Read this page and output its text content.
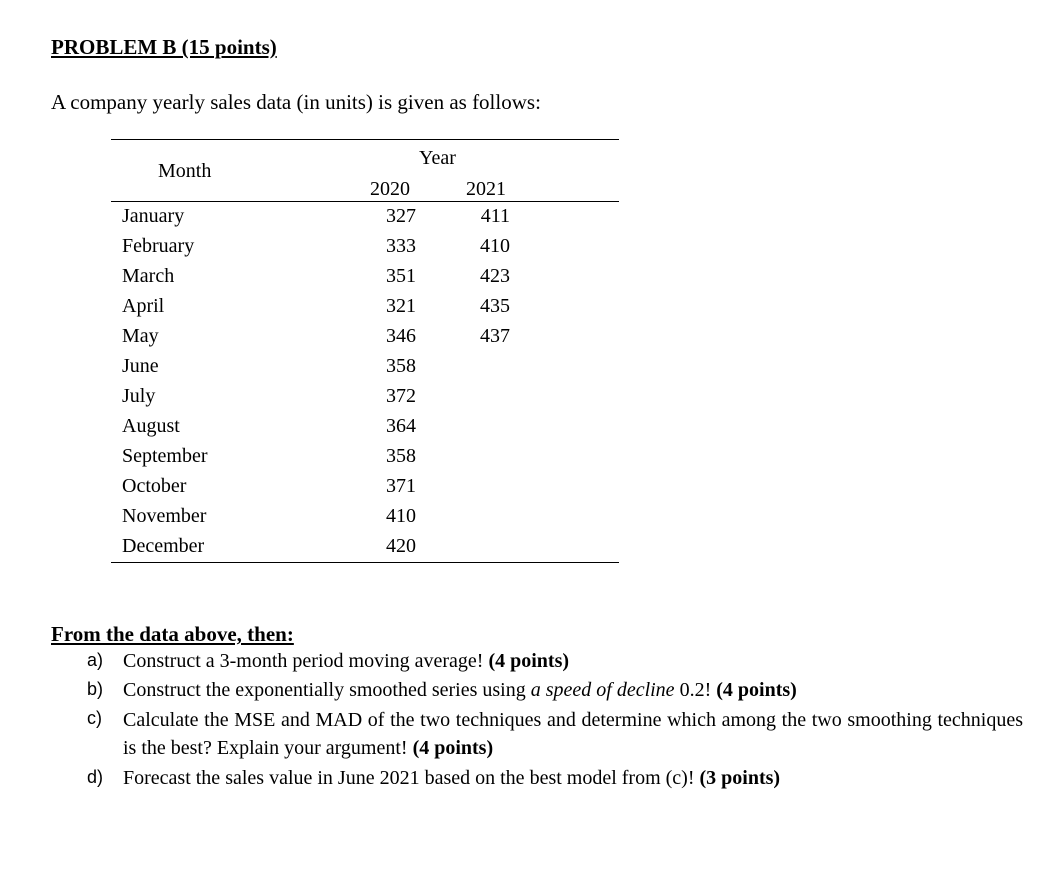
PROBLEM B (15 points)
A company yearly sales data (in units) is given as follows:
Month
Year
2020	2021
January	327	411
February	333	410
March	351	423
April	321	435
May	346	437
June	358
July	372
August	364
September	358
October	371
November	410
December	420
From the data above, then:
a) Construct a 3-month period moving average! (4 points)
b) Construct the exponentially smoothed series using a speed of decline 0.2! (4 points)
c) Calculate the MSE and MAD of the two techniques and determine which among the two smoothing techniques is the best? Explain your argument! (4 points)
d) Forecast the sales value in June 2021 based on the best model from (c)! (3 points)
